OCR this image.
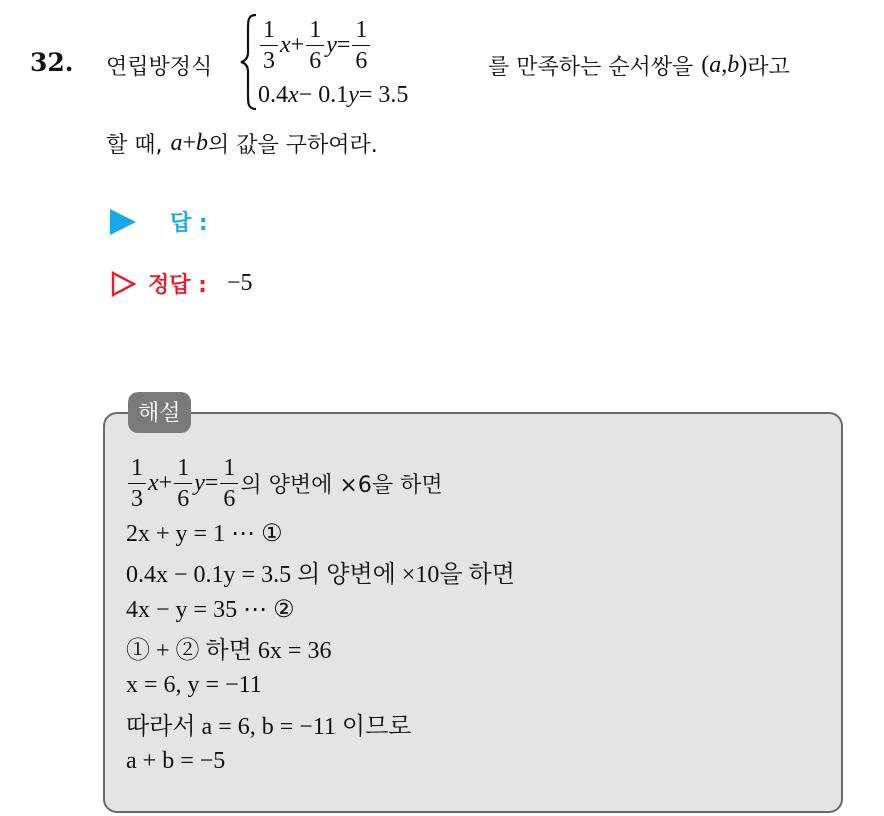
32. 연립방정식 $\frac{1}{3}$ $x + \frac{1}{6}$ $y = \frac{1}{6}$
0.4 x − 0.1 y = 3.5
를 만족하는 순서쌍을 ( a , b ) 라고
할 때, a + b 의 값을 구하여라.
답 :
정답 : −5
해설
$\frac{1}{3}$ $x + \frac{1}{6}$ $y = \frac{1}{6}$ 의 양변에 ×6을 하면
2x + y = 1 ⋯ ①
0.4x − 0.1y = 3.5 의 양변에 ×10을 하면
4x − y = 35 ⋯ ②
① + ② 하면 6x = 36
x = 6, y = −11
따라서 a = 6, b = −11 이므로
a + b = −5
